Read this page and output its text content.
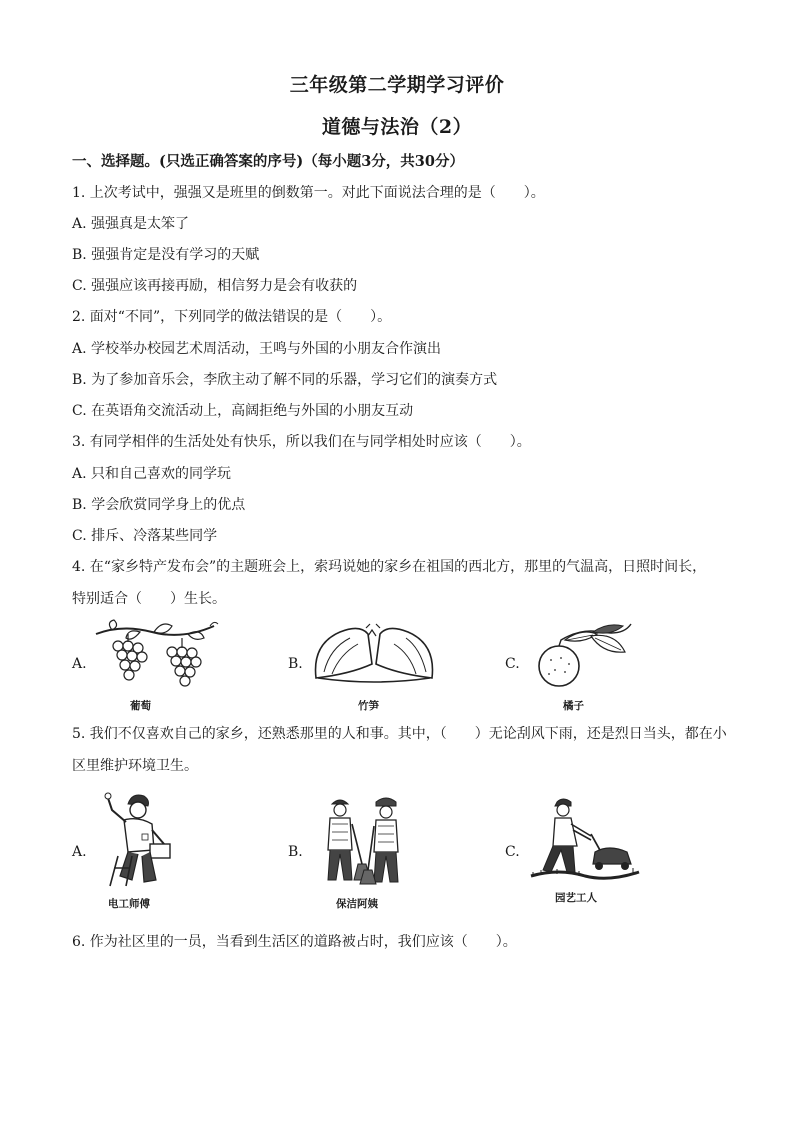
三年级第二学期学习评价
道德与法治（2）
一、选择题。(只选正确答案的序号)（每小题3分，共30分）
1. 上次考试中，强强又是班里的倒数第一。对此下面说法合理的是（　　）。
A. 强强真是太笨了
B. 强强肯定是没有学习的天赋
C. 强强应该再接再励，相信努力是会有收获的
2. 面对“不同”，下列同学的做法错误的是（　　）。
A. 学校举办校园艺术周活动，王鸣与外国的小朋友合作演出
B. 为了参加音乐会，李欣主动了解不同的乐器，学习它们的演奏方式
C. 在英语角交流活动上，高阔拒绝与外国的小朋友互动
3. 有同学相伴的生活处处有快乐，所以我们在与同学相处时应该（　　）。
A. 只和自己喜欢的同学玩
B. 学会欣赏同学身上的优点
C. 排斥、冷落某些同学
4. 在“家乡特产发布会”的主题班会上，索玛说她的家乡在祖国的西北方，那里的气温高，日照时间长，
特别适合（　　）生长。
A.
葡萄
B.
竹笋
C.
橘子
5. 我们不仅喜欢自己的家乡，还熟悉那里的人和事。其中，（　　）无论刮风下雨，还是烈日当头，都在小
区里维护环境卫生。
A.
电工师傅
B.
保洁阿姨
C.
园艺工人
6. 作为社区里的一员，当看到生活区的道路被占时，我们应该（　　）。
